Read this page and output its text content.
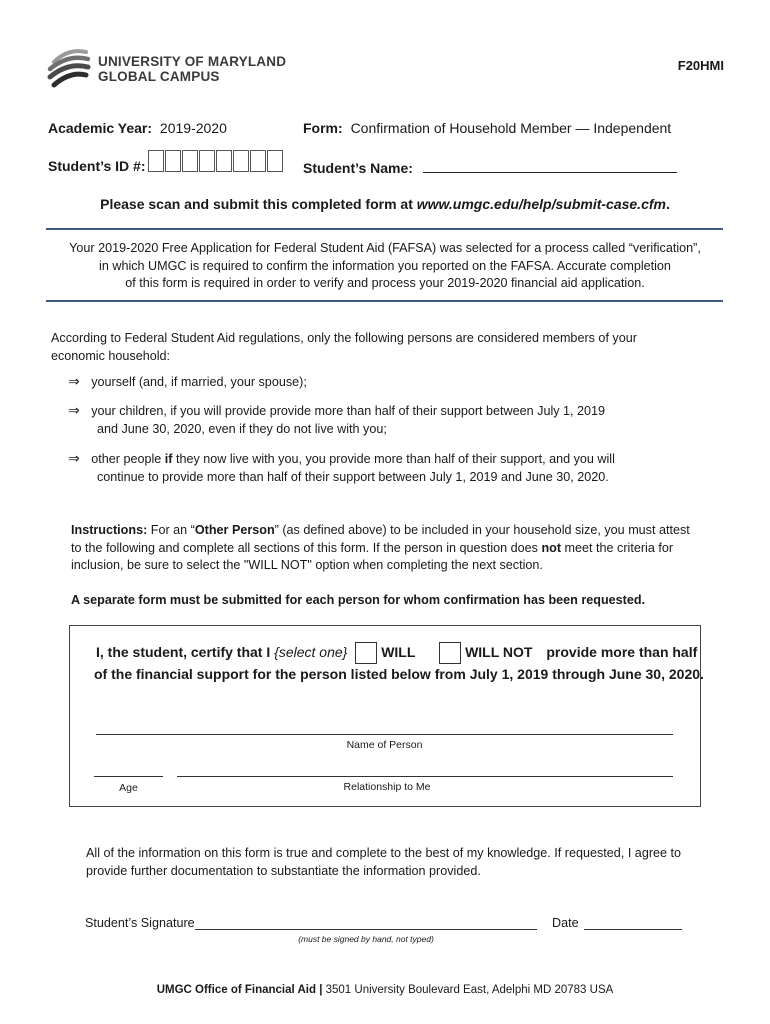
UNIVERSITY OF MARYLAND
GLOBAL CAMPUS
F20HMI
Academic Year: 2019-2020	Form: Confirmation of Household Member — Independent
Student’s ID #:	Student’s Name:
Please scan and submit this completed form at www.umgc.edu/help/submit-case.cfm.
Your 2019-2020 Free Application for Federal Student Aid (FAFSA) was selected for a process called “verification”,
in which UMGC is required to confirm the information you reported on the FAFSA. Accurate completion
of this form is required in order to verify and process your 2019-2020 financial aid application.
According to Federal Student Aid regulations, only the following persons are considered members of your
economic household:
⇒ yourself (and, if married, your spouse);
⇒ your children, if you will provide provide more than half of their support between July 1, 2019
and June 30, 2020, even if they do not live with you;
⇒ other people if they now live with you, you provide more than half of their support, and you will
continue to provide more than half of their support between July 1, 2019 and June 30, 2020.
Instructions: For an “Other Person” (as defined above) to be included in your household size, you must attest
to the following and complete all sections of this form. If the person in question does not meet the criteria for
inclusion, be sure to select the "WILL NOT" option when completing the next section.
A separate form must be submitted for each person for whom confirmation has been requested.
I, the student, certify that I {select one} WILL	WILL NOT provide more than half
of the financial support for the person listed below from July 1, 2019 through June 30, 2020.
Name of Person
Age	Relationship to Me
All of the information on this form is true and complete to the best of my knowledge. If requested, I agree to
provide further documentation to substantiate the information provided.
Student’s Signature
(must be signed by hand, not typed)
Date
UMGC Office of Financial Aid | 3501 University Boulevard East, Adelphi MD 20783 USA
